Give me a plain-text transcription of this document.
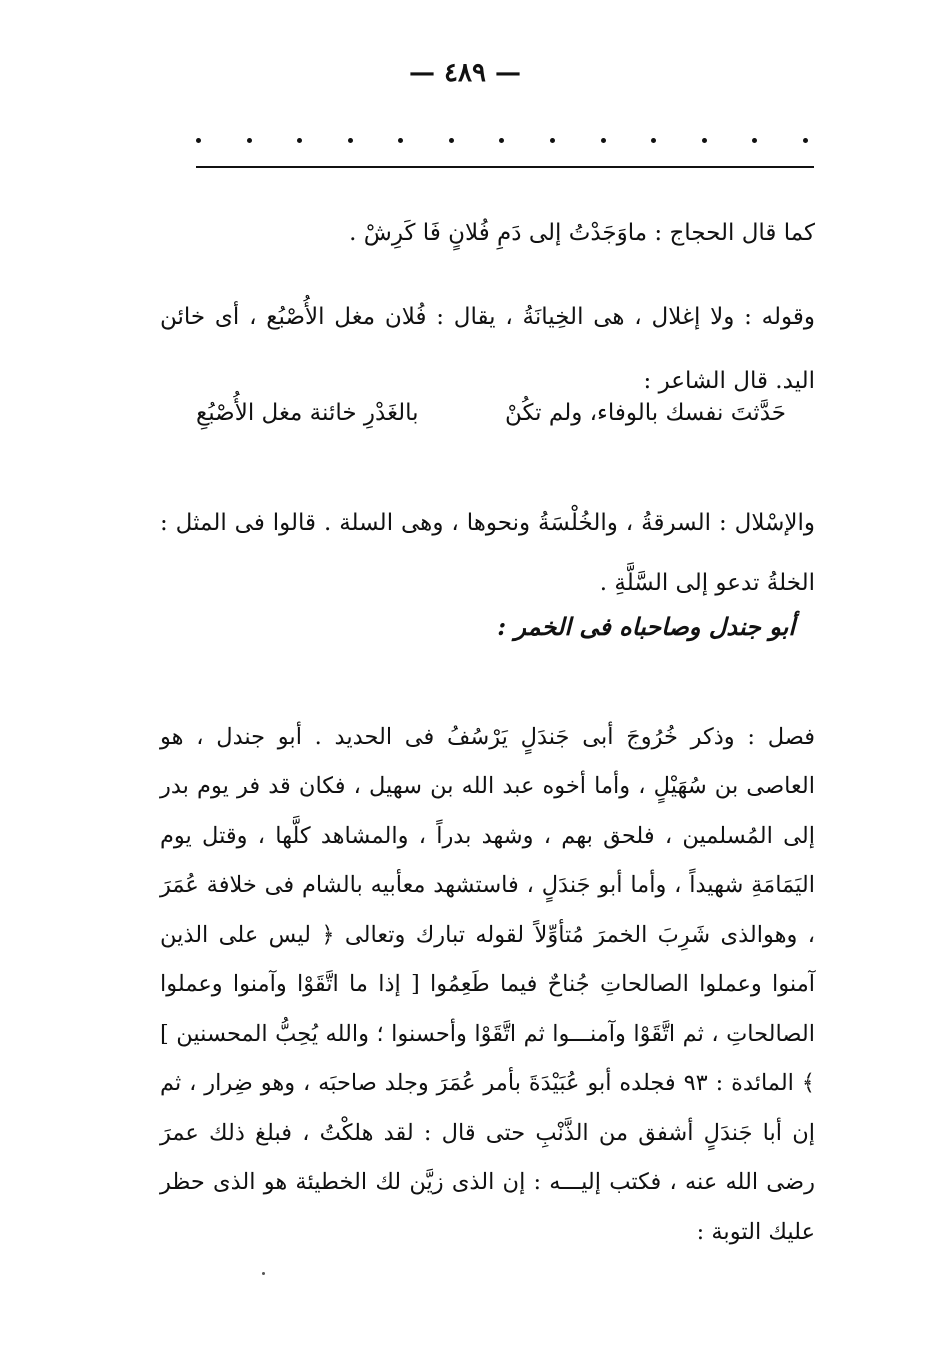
— ٤٨٩ —

كما قال الحجاج : ماوَجَدْتُ إلى دَمِ فُلانٍ فَا كَرِشْ .

وقوله : ولا إغلال ، هى الخِيانَةُ ، يقال : فُلان مغل الأُصْبُع ، أى خائن اليد. قال الشاعر :

حَدَّثتَ نفسك بالوفاء، ولم تكُنْ
بالغَدْرِ خائنة مغل الأُصْبُعِ

والإسْلال : السرقةُ ، والخُلْسَةُ ونحوها ، وهى السلة . قالوا فى المثل : الخلةُ تدعو إلى السَّلَّةِ .

أبو جندل وصاحباه فى الخمر :

فصل : وذكر خُرُوجَ أبى جَندَلٍ يَرْسُفُ فى الحديد . أبو جندل ، هو العاصى بن سُهَيْلٍ ، وأما أخوه عبد الله بن سهيل ، فكان قد فر يوم بدر إلى المُسلمين ، فلحق بهم ، وشهد بدراً ، والمشاهد كلَّها ، وقتل يوم اليَمَامَةِ شهيداً ، وأما أبو جَندَلٍ ، فاستشهد معأبيه بالشام فى خلافة عُمَرَ ، وهوالذى شَرِبَ الخمرَ مُتأوِّلاً لقوله تبارك وتعالى ﴿ ليس على الذين آمنوا وعملوا الصالحاتِ جُناحٌ فيما طَعِمُوا [ إذا ما اتَّقَوْا وآمنوا وعملوا الصالحاتِ ، ثم اتَّقَوْا وآمنـــوا ثم اتَّقَوْا وأحسنوا ؛ والله يُحِبُّ المحسنين ] ﴾ المائدة : ٩٣ فجلده أبو عُبَيْدَةَ بأمر عُمَرَ وجلد صاحبَه ، وهو ضِرار ، ثم إن أبا جَندَلٍ أشفق من الذَّنْبِ حتى قال : لقد هلكْتُ ، فبلغ ذلك عمرَ رضى الله عنه ، فكتب إليـــه : إن الذى زيَّن لك الخطيئة هو الذى حظر عليك التوبة :
